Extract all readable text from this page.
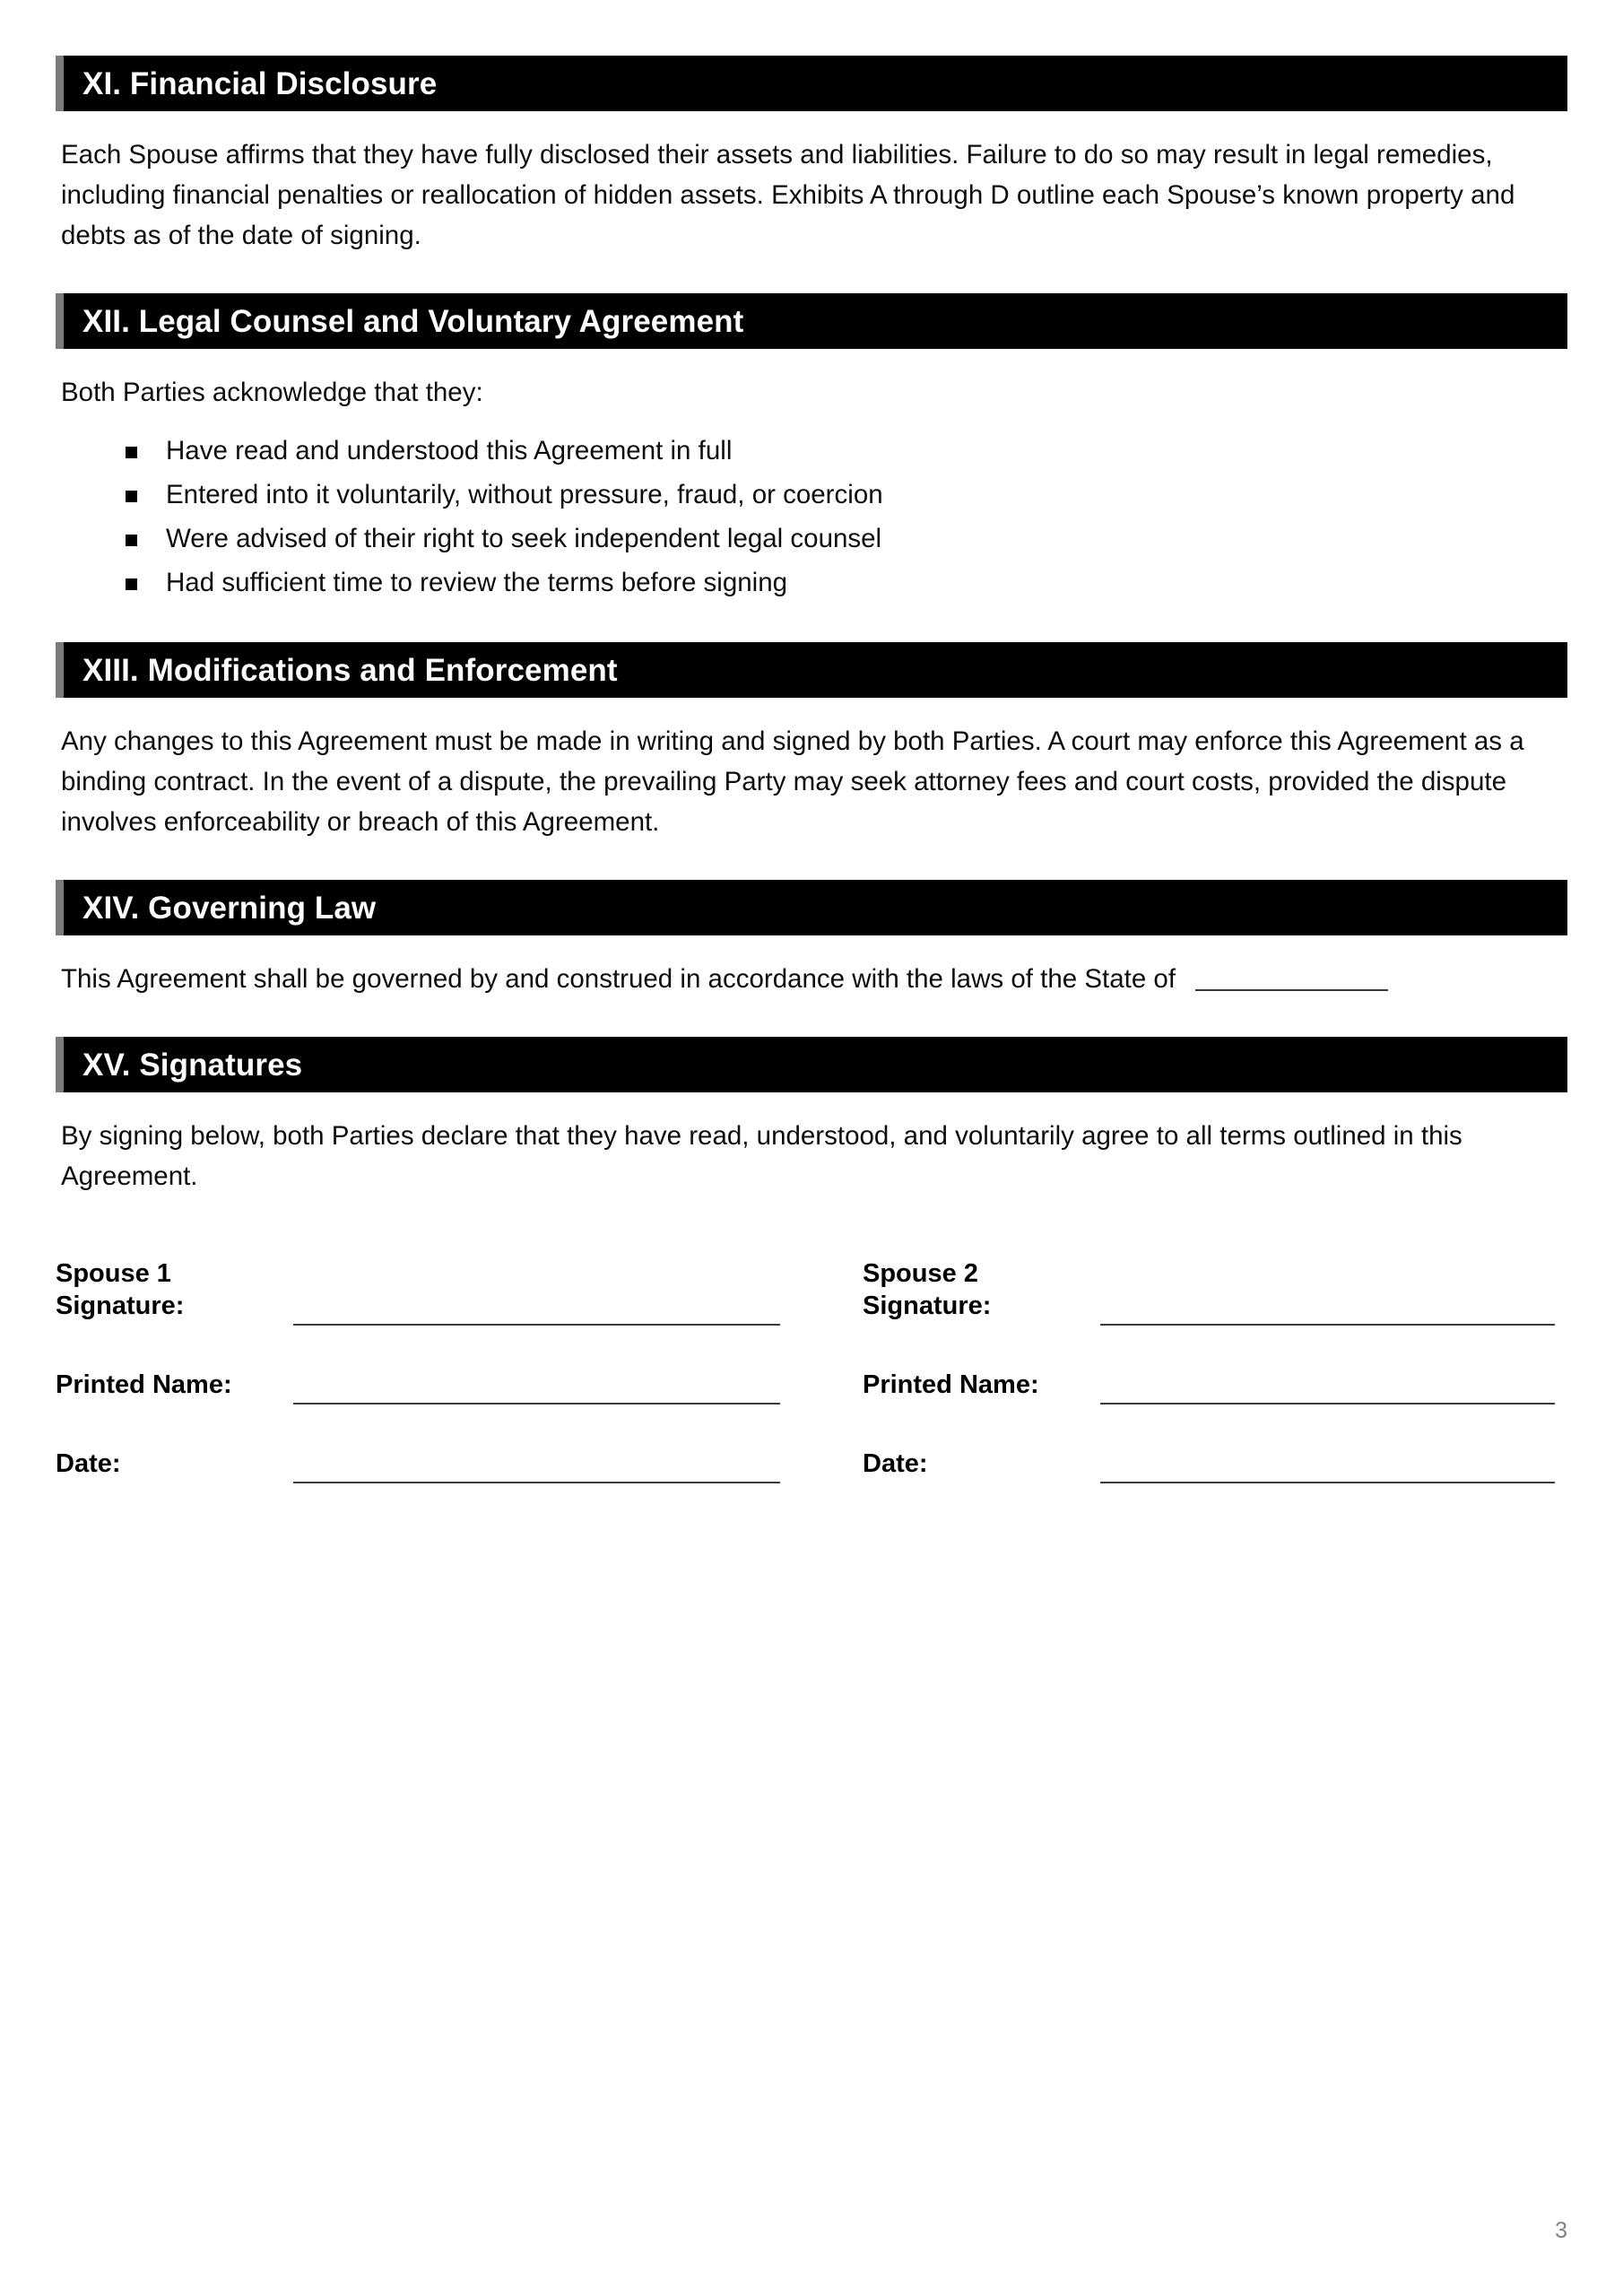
XI. Financial Disclosure

Each Spouse affirms that they have fully disclosed their assets and liabilities. Failure to do so may result in legal remedies, including financial penalties or reallocation of hidden assets. Exhibits A through D outline each Spouse’s known property and debts as of the date of signing.

XII. Legal Counsel and Voluntary Agreement

Both Parties acknowledge that they:

Have read and understood this Agreement in full
Entered into it voluntarily, without pressure, fraud, or coercion
Were advised of their right to seek independent legal counsel
Had sufficient time to review the terms before signing
XIII. Modifications and Enforcement

Any changes to this Agreement must be made in writing and signed by both Parties. A court may enforce this Agreement as a binding contract. In the event of a dispute, the prevailing Party may seek attorney fees and court costs, provided the dispute involves enforceability or breach of this Agreement.

XIV. Governing Law
This Agreement shall be governed by and construed in accordance with the laws of the State of
XV. Signatures

By signing below, both Parties declare that they have read, understood, and voluntarily agree to all terms outlined in this Agreement.

Spouse 1 Signature:
Spouse 2 Signature:
Printed Name:	Printed Name:
Date:	Date:
3
